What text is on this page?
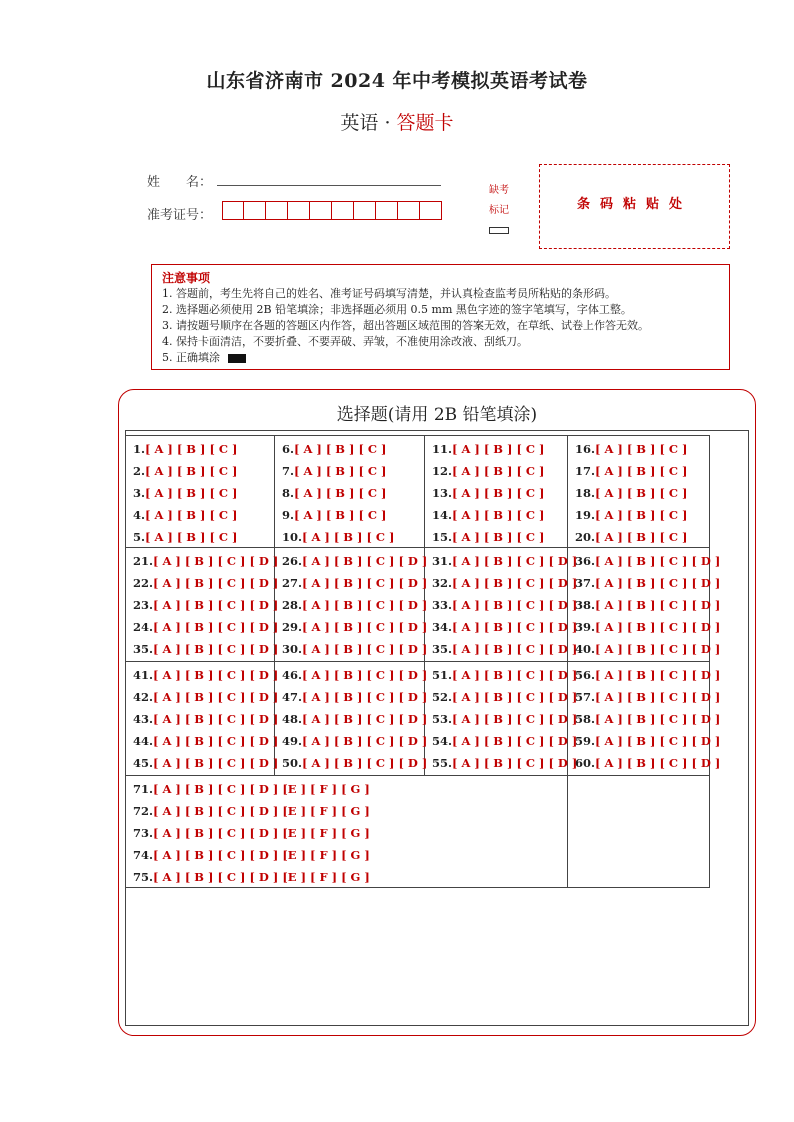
山东省济南市 2024 年中考模拟英语考试卷
英语 · 答题卡
姓　　名：
准考证号：
缺考
标记	条码粘贴处
注意事项
1. 答题前，考生先将自己的姓名、准考证号码填写清楚，并认真检查监考员所粘贴的条形码。
2. 选择题必须使用 2B 铅笔填涂；非选择题必须用 0.5 mm 黑色字迹的签字笔填写，字体工整。
3. 请按题号顺序在各题的答题区内作答，超出答题区域范围的答案无效，在草纸、试卷上作答无效。
4. 保持卡面清洁，不要折叠、不要弄破、弄皱，不准使用涂改液、刮纸刀。
5. 正确填涂
选择题(请用 2B 铅笔填涂)
1.[ A ] [ B ] [ C ]
2.[ A ] [ B ] [ C ]
3.[ A ] [ B ] [ C ]
4.[ A ] [ B ] [ C ]
5.[ A ] [ B ] [ C ]
6.[ A ] [ B ] [ C ]
7.[ A ] [ B ] [ C ]
8.[ A ] [ B ] [ C ]
9.[ A ] [ B ] [ C ]
10.[ A ] [ B ] [ C ]
11.[ A ] [ B ] [ C ]
12.[ A ] [ B ] [ C ]
13.[ A ] [ B ] [ C ]
14.[ A ] [ B ] [ C ]
15.[ A ] [ B ] [ C ]
16.[ A ] [ B ] [ C ]
17.[ A ] [ B ] [ C ]
18.[ A ] [ B ] [ C ]
19.[ A ] [ B ] [ C ]
20.[ A ] [ B ] [ C ]
21.[ A ] [ B ] [ C ] [ D ]
22.[ A ] [ B ] [ C ] [ D ]
23.[ A ] [ B ] [ C ] [ D ]
24.[ A ] [ B ] [ C ] [ D ]
35.[ A ] [ B ] [ C ] [ D ]
26.[ A ] [ B ] [ C ] [ D ]
27.[ A ] [ B ] [ C ] [ D ]
28.[ A ] [ B ] [ C ] [ D ]
29.[ A ] [ B ] [ C ] [ D ]
30.[ A ] [ B ] [ C ] [ D ]
31.[ A ] [ B ] [ C ] [ D ]
32.[ A ] [ B ] [ C ] [ D ]
33.[ A ] [ B ] [ C ] [ D ]
34.[ A ] [ B ] [ C ] [ D ]
35.[ A ] [ B ] [ C ] [ D ]
36.[ A ] [ B ] [ C ] [ D ]
37.[ A ] [ B ] [ C ] [ D ]
38.[ A ] [ B ] [ C ] [ D ]
39.[ A ] [ B ] [ C ] [ D ]
40.[ A ] [ B ] [ C ] [ D ]
41.[ A ] [ B ] [ C ] [ D ]
42.[ A ] [ B ] [ C ] [ D ]
43.[ A ] [ B ] [ C ] [ D ]
44.[ A ] [ B ] [ C ] [ D ]
45.[ A ] [ B ] [ C ] [ D ]
46.[ A ] [ B ] [ C ] [ D ]
47.[ A ] [ B ] [ C ] [ D ]
48.[ A ] [ B ] [ C ] [ D ]
49.[ A ] [ B ] [ C ] [ D ]
50.[ A ] [ B ] [ C ] [ D ]
51.[ A ] [ B ] [ C ] [ D ]
52.[ A ] [ B ] [ C ] [ D ]
53.[ A ] [ B ] [ C ] [ D ]
54.[ A ] [ B ] [ C ] [ D ]
55.[ A ] [ B ] [ C ] [ D ]
56.[ A ] [ B ] [ C ] [ D ]
57.[ A ] [ B ] [ C ] [ D ]
58.[ A ] [ B ] [ C ] [ D ]
59.[ A ] [ B ] [ C ] [ D ]
60.[ A ] [ B ] [ C ] [ D ]
71.[ A ] [ B ] [ C ] [ D ] [E ] [ F ] [ G ]
72.[ A ] [ B ] [ C ] [ D ] [E ] [ F ] [ G ]
73.[ A ] [ B ] [ C ] [ D ] [E ] [ F ] [ G ]
74.[ A ] [ B ] [ C ] [ D ] [E ] [ F ] [ G ]
75.[ A ] [ B ] [ C ] [ D ] [E ] [ F ] [ G ]
